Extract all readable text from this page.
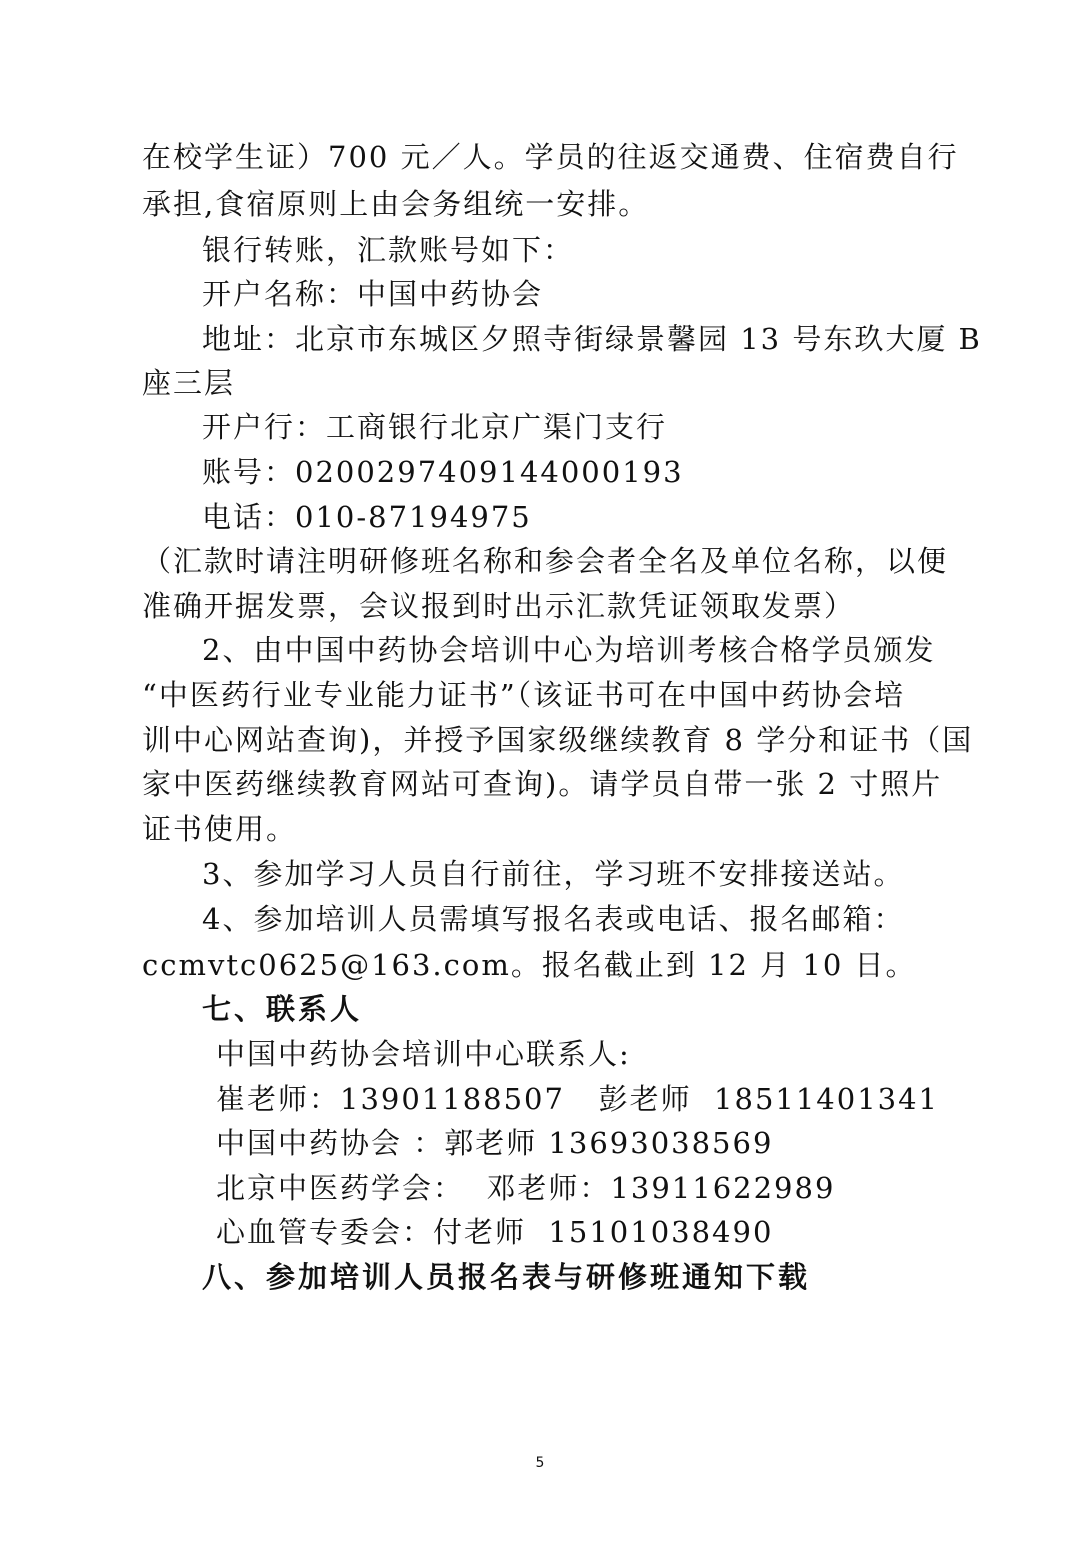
在校学生证）700 元／人。学员的往返交通费、住宿费自行
承担,食宿原则上由会务组统一安排。
银行转账，汇款账号如下：
开户名称：中国中药协会
地址：北京市东城区夕照寺街绿景馨园 13 号东玖大厦 B
座三层
开户行：工商银行北京广渠门支行
账号：0200297409144000193
电话：010-87194975
（汇款时请注明研修班名称和参会者全名及单位名称，以便
准确开据发票，会议报到时出示汇款凭证领取发票）
2、由中国中药协会培训中心为培训考核合格学员颁发
“中医药行业专业能力证书”（该证书可在中国中药协会培
训中心网站查询)，并授予国家级继续教育 8 学分和证书（国
家中医药继续教育网站可查询)。请学员自带一张 2 寸照片
证书使用。
3、参加学习人员自行前往，学习班不安排接送站。
4、参加培训人员需填写报名表或电话、报名邮箱：
ccmvtc0625@163.com。报名截止到 12 月 10 日。
七、联系人
中国中药协会培训中心联系人:
崔老师：13901188507   彭老师  18511401341
中国中药协会 ：郭老师 13693038569
北京中医药学会：  邓老师：13911622989
心血管专委会：付老师  15101038490
八、参加培训人员报名表与研修班通知下载
5
